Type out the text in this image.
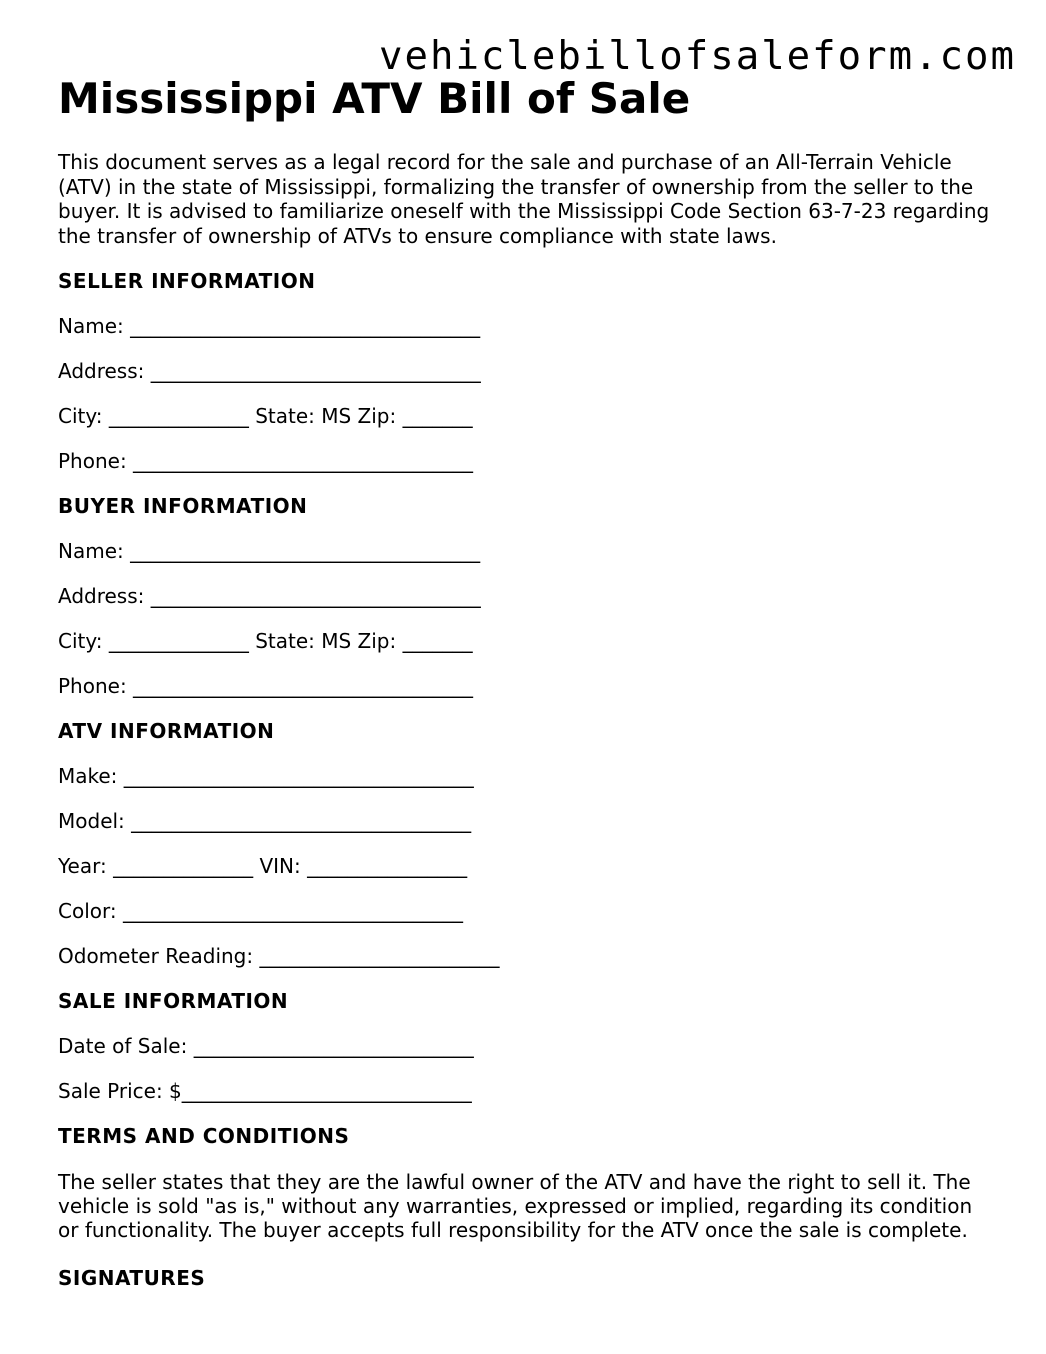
vehiclebillofsaleform.com
Mississippi ATV Bill of Sale

This document serves as a legal record for the sale and purchase of an All-Terrain Vehicle (ATV) in the state of Mississippi, formalizing the transfer of ownership from the seller to the buyer. It is advised to familiarize oneself with the Mississippi Code Section 63-7-23 regarding the transfer of ownership of ATVs to ensure compliance with state laws.

SELLER INFORMATION
Name: ___________________________________
Address: _________________________________
City: ______________ State: MS Zip: _______
Phone: __________________________________
BUYER INFORMATION
Name: ___________________________________
Address: _________________________________
City: ______________ State: MS Zip: _______
Phone: __________________________________
ATV INFORMATION
Make: ___________________________________
Model: __________________________________
Year: ______________ VIN: ________________
Color: __________________________________
Odometer Reading: ________________________
SALE INFORMATION
Date of Sale: ____________________________
Sale Price: $_____________________________
TERMS AND CONDITIONS

The seller states that they are the lawful owner of the ATV and have the right to sell it. The vehicle is sold "as is," without any warranties, expressed or implied, regarding its condition or functionality. The buyer accepts full responsibility for the ATV once the sale is complete.

SIGNATURES
